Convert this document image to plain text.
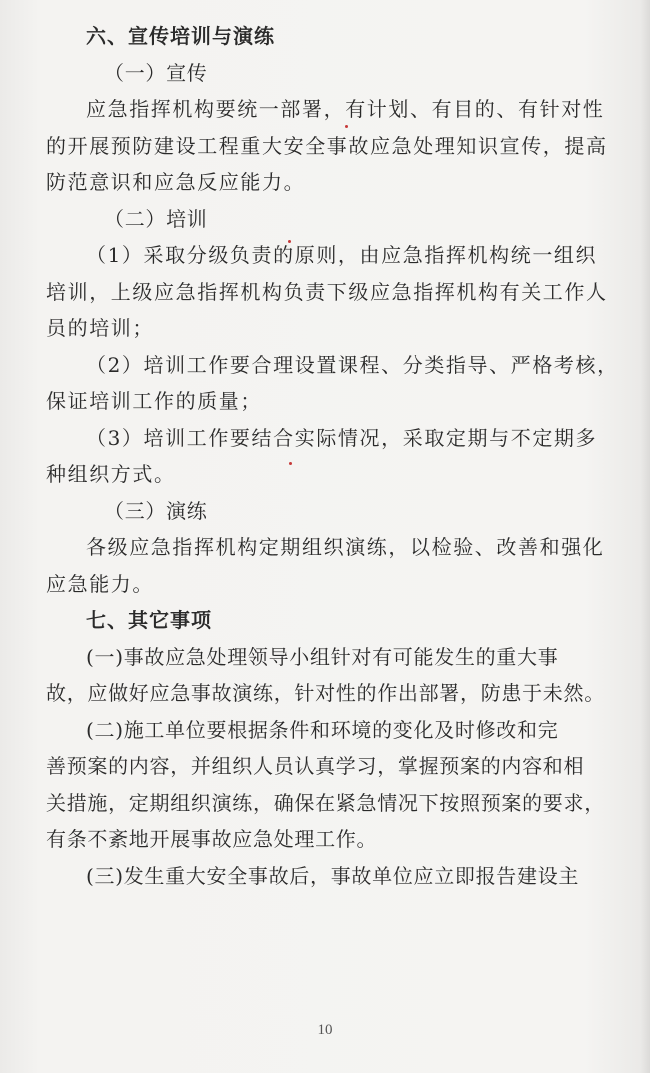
六、宣传培训与演练
（一）宣传
应急指挥机构要统一部署，有计划、有目的、有针对性
的开展预防建设工程重大安全事故应急处理知识宣传，提高
防范意识和应急反应能力。
（二）培训
（1）采取分级负责的原则，由应急指挥机构统一组织
培训，上级应急指挥机构负责下级应急指挥机构有关工作人
员的培训；
（2）培训工作要合理设置课程、分类指导、严格考核，
保证培训工作的质量；
（3）培训工作要结合实际情况，采取定期与不定期多
种组织方式。
（三）演练
各级应急指挥机构定期组织演练，以检验、改善和强化
应急能力。
七、其它事项
(一)事故应急处理领导小组针对有可能发生的重大事
故，应做好应急事故演练，针对性的作出部署，防患于未然。
(二)施工单位要根据条件和环境的变化及时修改和完
善预案的内容，并组织人员认真学习，掌握预案的内容和相
关措施，定期组织演练，确保在紧急情况下按照预案的要求，
有条不紊地开展事故应急处理工作。
(三)发生重大安全事故后，事故单位应立即报告建设主
10
